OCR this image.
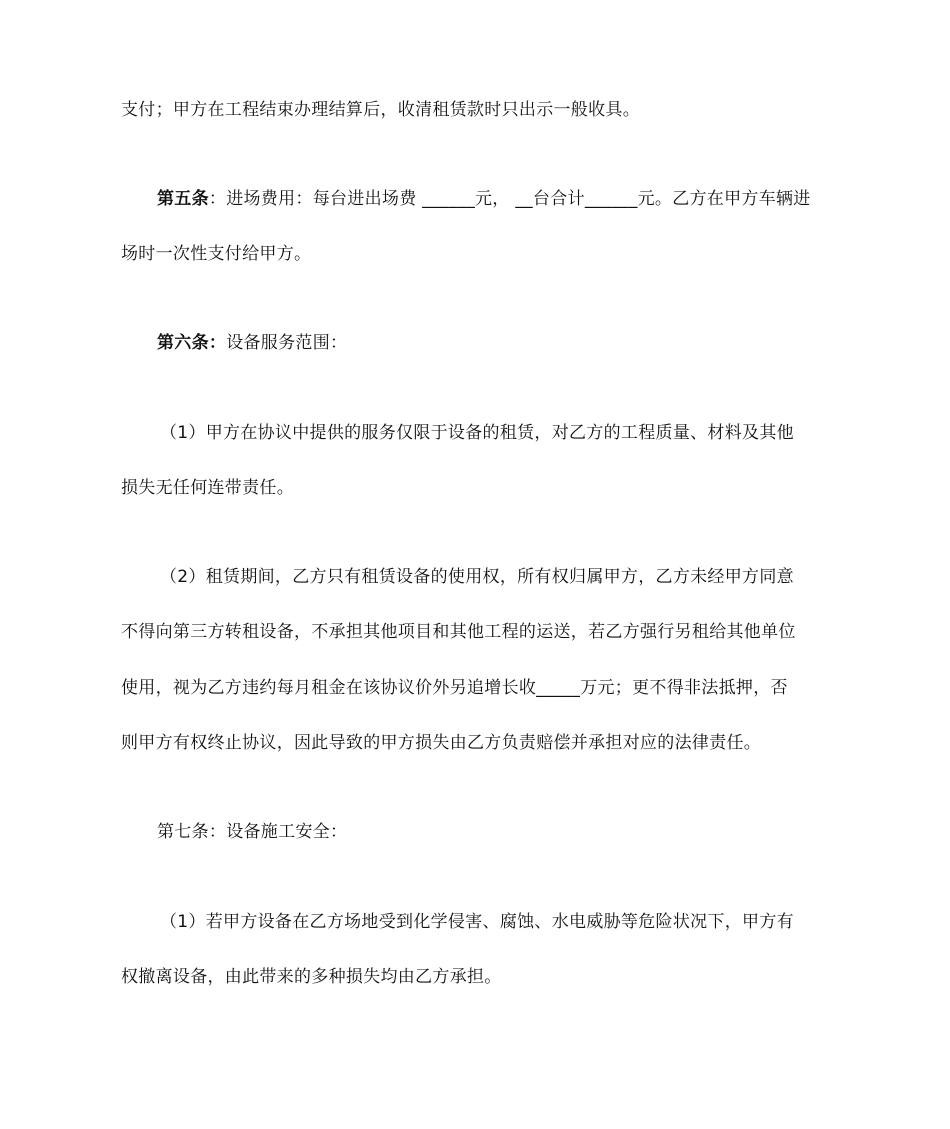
支付；甲方在工程结束办理结算后，收清租赁款时只出示一般收具。
第五条：进场费用：每台进出场费 ______元， __台合计______元。乙方在甲方车辆进
场时一次性支付给甲方。
第六条：设备服务范围：
（1）甲方在协议中提供的服务仅限于设备的租赁，对乙方的工程质量、材料及其他
损失无任何连带责任。
（2）租赁期间，乙方只有租赁设备的使用权，所有权归属甲方，乙方未经甲方同意
不得向第三方转租设备，不承担其他项目和其他工程的运送，若乙方强行另租给其他单位
使用，视为乙方违约每月租金在该协议价外另追增长收_____万元；更不得非法抵押，否
则甲方有权终止协议，因此导致的甲方损失由乙方负责赔偿并承担对应的法律责任。
第七条：设备施工安全：
（1）若甲方设备在乙方场地受到化学侵害、腐蚀、水电威胁等危险状况下，甲方有
权撤离设备，由此带来的多种损失均由乙方承担。
